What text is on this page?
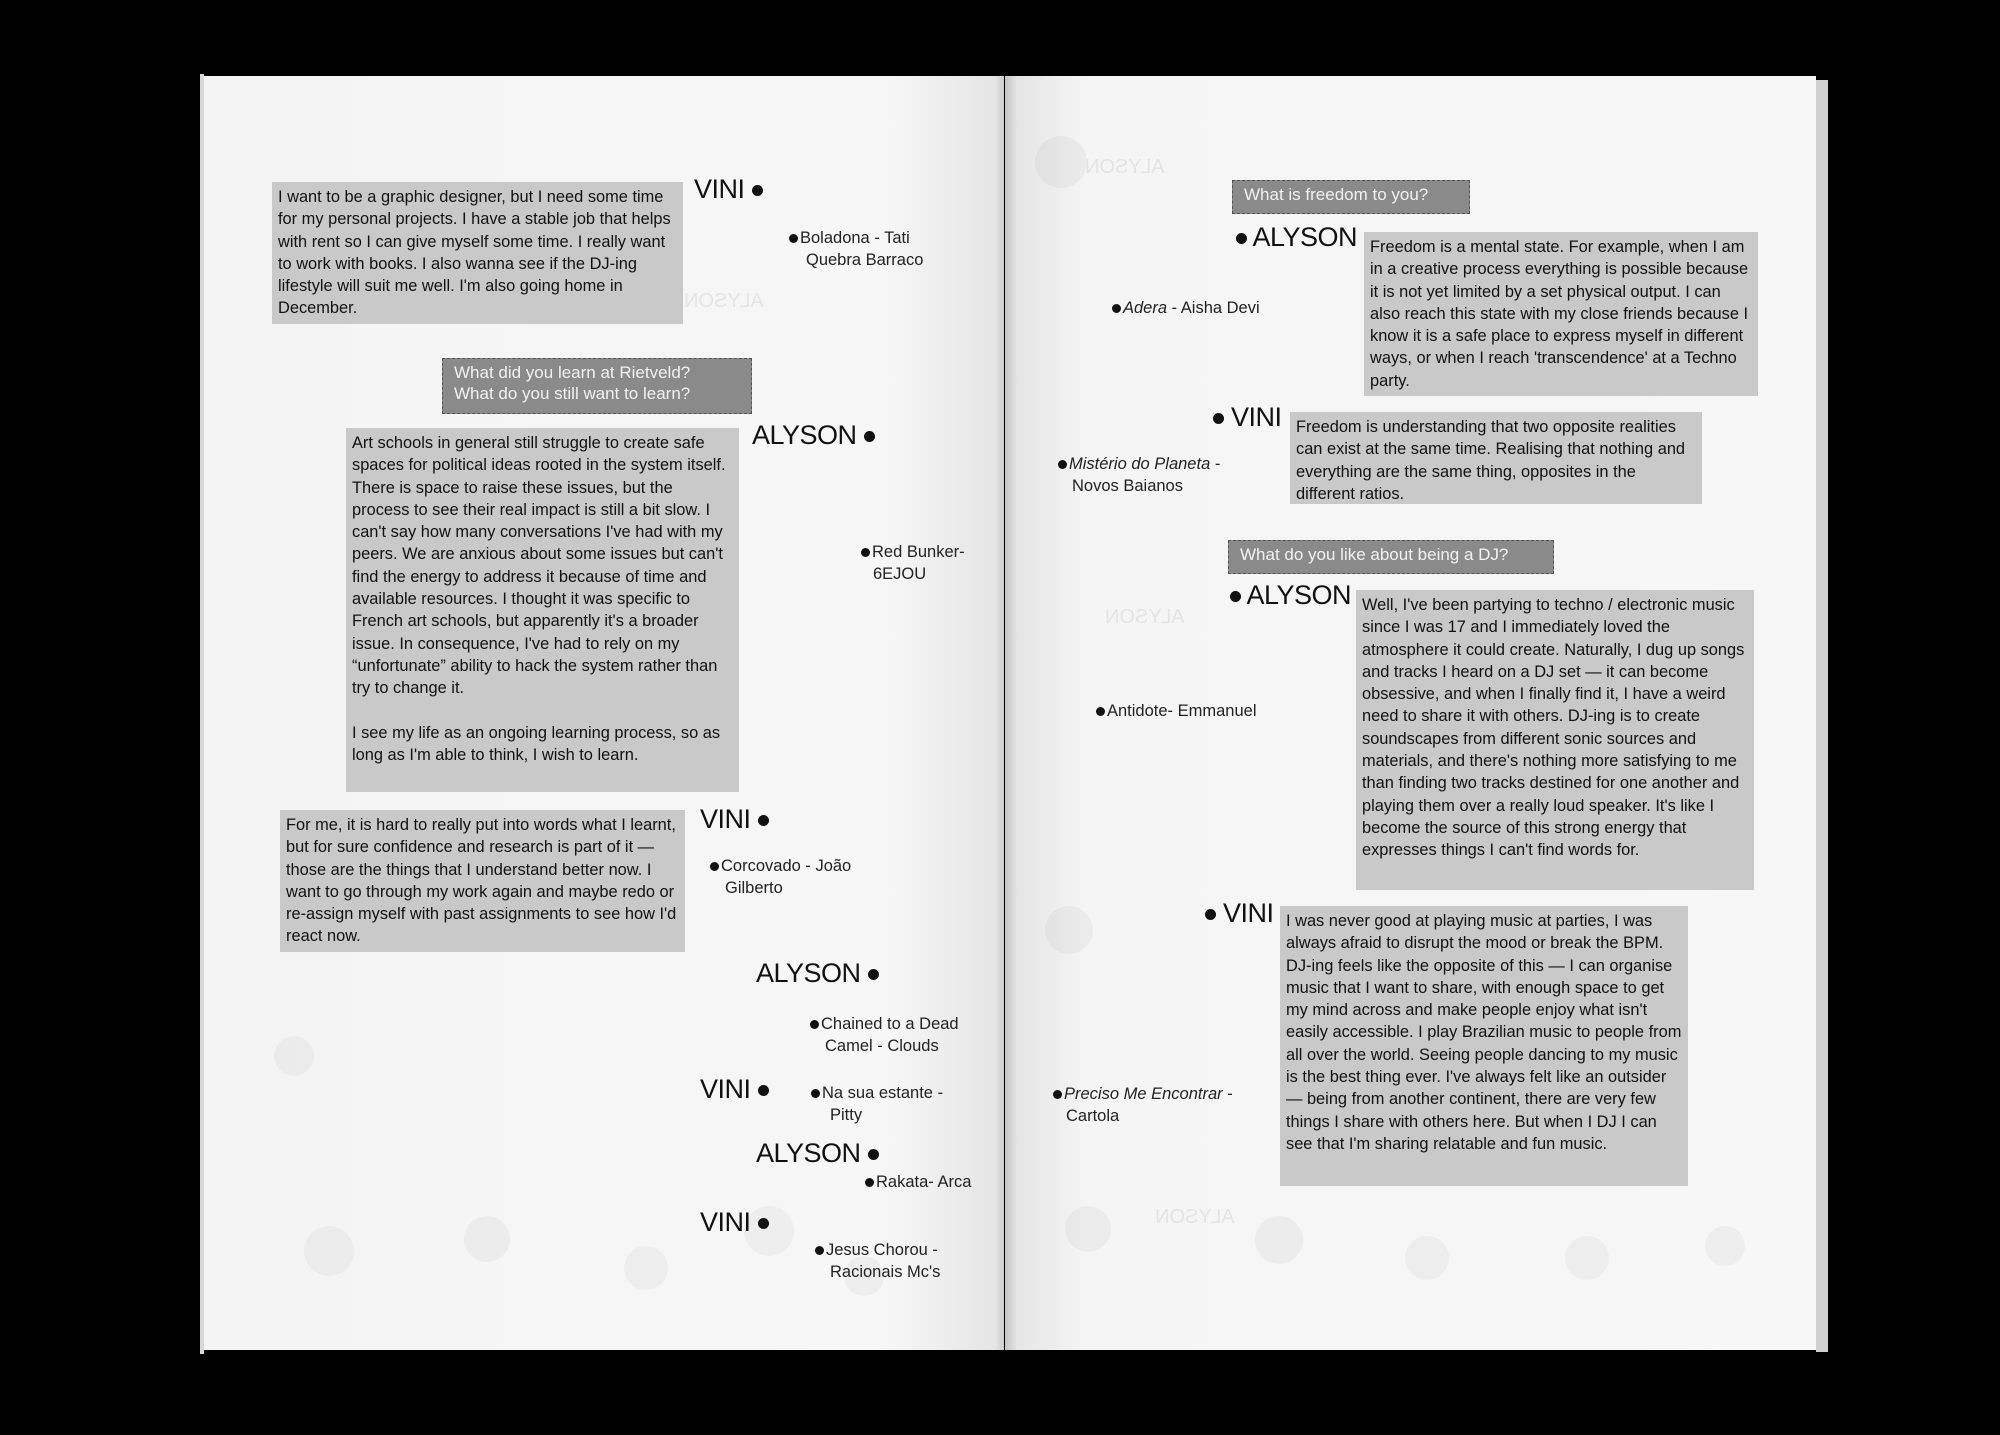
ALYSON
ALYSON
ALYSON
ALYSON

I want to be a graphic designer, but I need some time for my personal projects. I have a stable job that helps with rent so I can give myself some time. I really want to work with books. I also wanna see if the DJ-ing lifestyle will suit me well. I'm also going home in December.

VINI
Boladona - Tati
Quebra Barraco
What did you learn at Rietveld?
What do you still want to learn?
ALYSON

Art schools in general still struggle to create safe spaces for political ideas rooted in the system itself. There is space to raise these issues, but the process to see their real impact is still a bit slow. I can't say how many conversations I've had with my peers. We are anxious about some issues but can't find the energy to address it because of time and available resources. I thought it was specific to French art schools, but apparently it's a broader issue. In consequence, I've had to rely on my “unfortunate” ability to hack the system rather than try to change it.

I see my life as an ongoing learning process, so as long as I'm able to think, I wish to learn.

Red Bunker-
6EJOU

For me, it is hard to really put into words what I learnt, but for sure confidence and research is part of it — those are the things that I understand better now. I want to go through my work again and maybe redo or re-assign myself with past assignments to see how I'd react now.

VINI
Corcovado - João
Gilberto
ALYSON
Chained to a Dead
Camel - Clouds
VINI	Na sua estante -
Pitty
ALYSON
Rakata- Arca
VINI
Jesus Chorou -
Racionais Mc's
What is freedom to you?
ALYSON Freedom is a mental state. For example, when I am in a creative process everything is possible because it is not yet limited by a set physical output. I can also reach this state with my close friends because I know it is a safe place to express myself in different ways, or when I reach 'transcendence' at a Techno party.

Adera - Aisha Devi
VINI Freedom is understanding that two opposite realities can exist at the same time. Realising that nothing and everything are the same thing, opposites in the different ratios.

Mistério do Planeta -
Novos Baianos
What do you like about being a DJ?
ALYSON Well, I've been partying to techno / electronic music since I was 17 and I immediately loved the atmosphere it could create. Naturally, I dug up songs and tracks I heard on a DJ set — it can become obsessive, and when I finally find it, I have a weird need to share it with others. DJ-ing is to create soundscapes from different sonic sources and materials, and there's nothing more satisfying to me than finding two tracks destined for one another and playing them over a really loud speaker. It's like I become the source of this strong energy that expresses things I can't find words for.

Antidote- Emmanuel
VINI I was never good at playing music at parties, I was always afraid to disrupt the mood or break the BPM. DJ-ing feels like the opposite of this — I can organise music that I want to share, with enough space to get my mind across and make people enjoy what isn't easily accessible. I play Brazilian music to people from all over the world. Seeing people dancing to my music is the best thing ever. I've always felt like an outsider — being from another continent, there are very few things I share with others here. But when I DJ I can see that I'm sharing relatable and fun music.

Preciso Me Encontrar -
Cartola
